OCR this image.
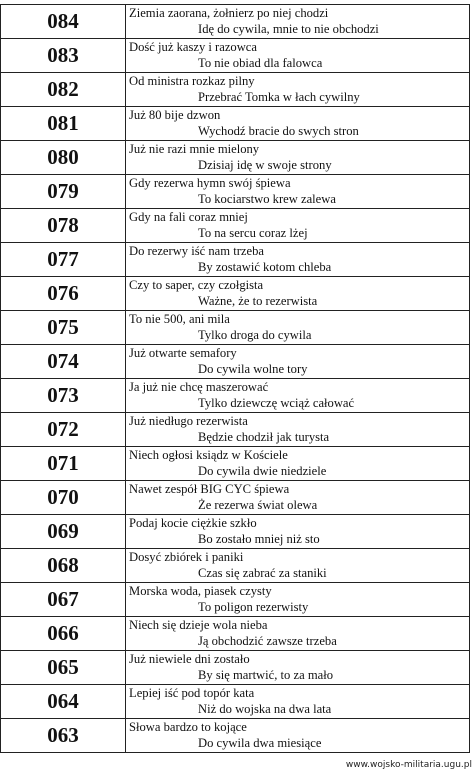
084	Ziemia zaorana, żołnierz po niej chodzi
Idę do cywila, mnie to nie obchodzi

083	Dość już kaszy i razowca
To nie obiad dla falowca

082	Od ministra rozkaz pilny
Przebrać Tomka w łach cywilny

081	Już 80 bije dzwon
Wychodź bracie do swych stron

080	Już nie razi mnie mielony
Dzisiaj idę w swoje strony

079	Gdy rezerwa hymn swój śpiewa
To kociarstwo krew zalewa

078	Gdy na fali coraz mniej
To na sercu coraz lżej

077	Do rezerwy iść nam trzeba
By zostawić kotom chleba

076	Czy to saper, czy czołgista
Ważne, że to rezerwista

075	To nie 500, ani mila
Tylko droga do cywila

074	Już otwarte semafory
Do cywila wolne tory

073	Ja już nie chcę maszerować
Tylko dziewczę wciąż całować

072	Już niedługo rezerwista
Będzie chodził jak turysta

071	Niech ogłosi ksiądz w Kościele
Do cywila dwie niedziele

070	Nawet zespół BIG CYC śpiewa
Że rezerwa świat olewa

069	Podaj kocie ciężkie szkło
Bo zostało mniej niż sto

068	Dosyć zbiórek i paniki
Czas się zabrać za staniki

067	Morska woda, piasek czysty
To poligon rezerwisty

066	Niech się dzieje wola nieba
Ją obchodzić zawsze trzeba

065	Już niewiele dni zostało
By się martwić, to za mało

064	Lepiej iść pod topór kata
Niż do wojska na dwa lata

063	Słowa bardzo to kojące
Do cywila dwa miesiące
www.wojsko-militaria.ugu.pl
